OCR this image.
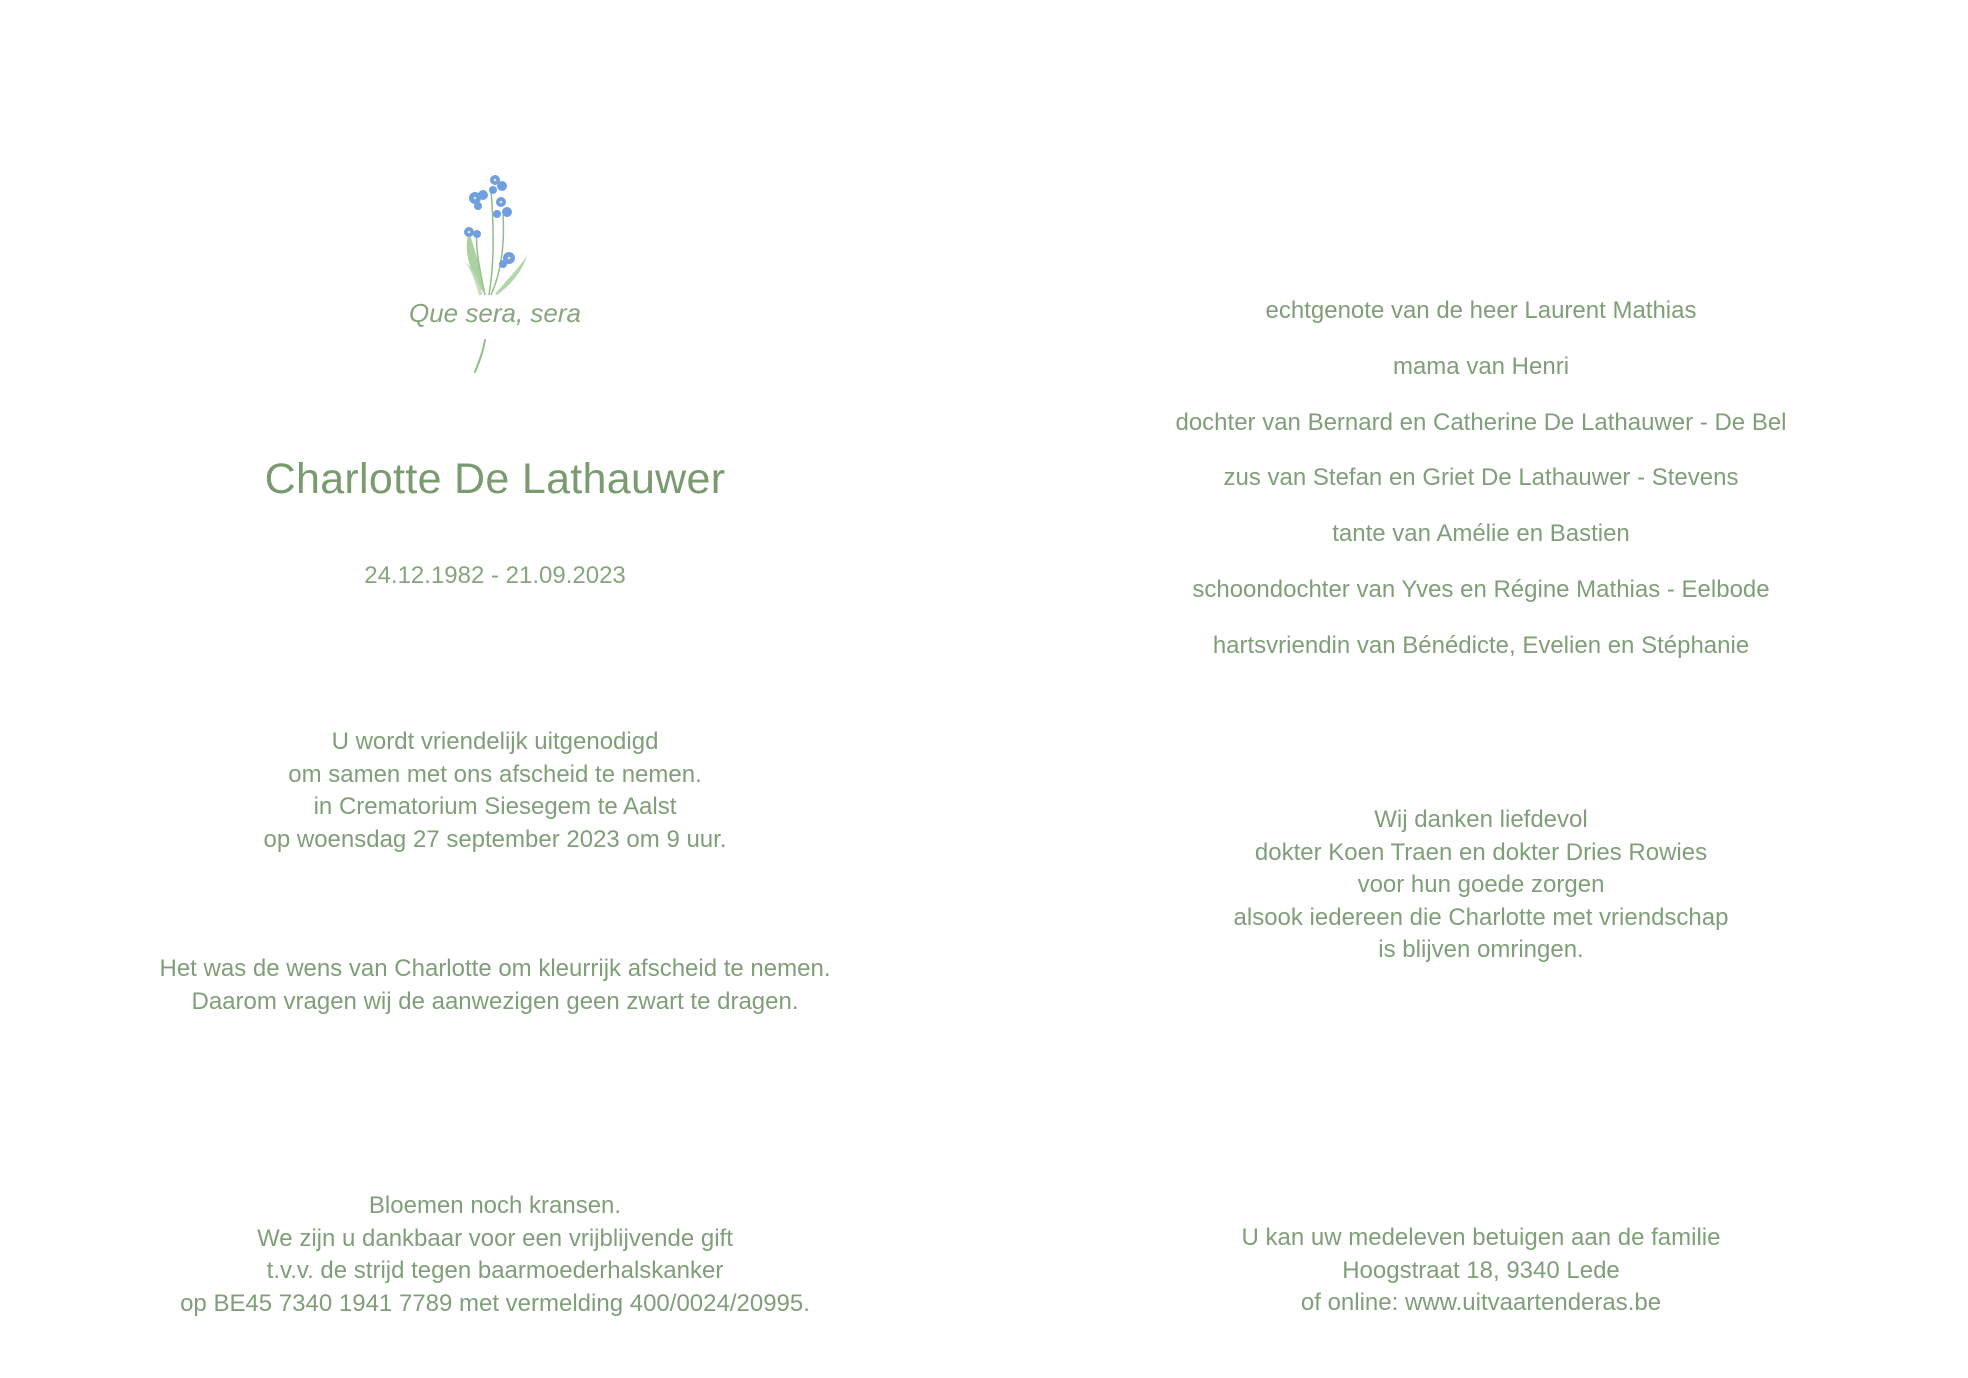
Que sera, sera
Charlotte De Lathauwer
24.12.1982 - 21.09.2023
U wordt vriendelijk uitgenodigd
om samen met ons afscheid te nemen.
in Crematorium Siesegem te Aalst
op woensdag 27 september 2023 om 9 uur.
Het was de wens van Charlotte om kleurrijk afscheid te nemen.
Daarom vragen wij de aanwezigen geen zwart te dragen.
Bloemen noch kransen.
We zijn u dankbaar voor een vrijblijvende gift
t.v.v. de strijd tegen baarmoederhalskanker
op BE45 7340 1941 7789 met vermelding 400/0024/20995.
echtgenote van de heer Laurent Mathias
mama van Henri
dochter van Bernard en Catherine De Lathauwer - De Bel
zus van Stefan en Griet De Lathauwer - Stevens
tante van Amélie en Bastien
schoondochter van Yves en Régine Mathias - Eelbode
hartsvriendin van Bénédicte, Evelien en Stéphanie
Wij danken liefdevol
dokter Koen Traen en dokter Dries Rowies
voor hun goede zorgen
alsook iedereen die Charlotte met vriendschap
is blijven omringen.
U kan uw medeleven betuigen aan de familie
Hoogstraat 18, 9340 Lede
of online: www.uitvaartenderas.be
